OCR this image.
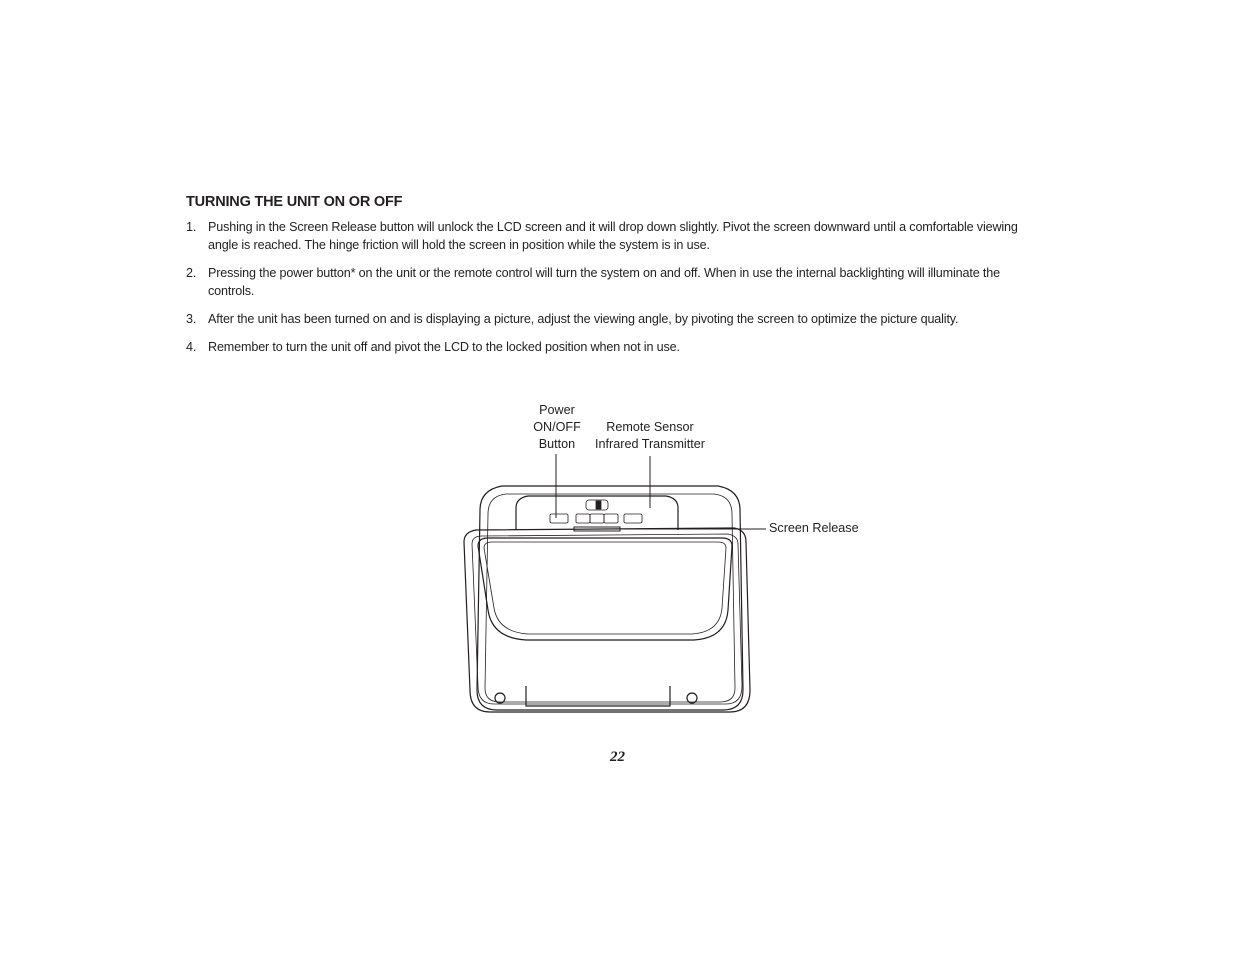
TURNING THE UNIT ON OR OFF
1. Pushing in the Screen Release button will unlock the LCD screen and it will drop down slightly. Pivot the screen downward until a comfortable viewing angle is reached. The hinge friction will hold the screen in position while the system is in use.
2. Pressing the power button* on the unit or the remote control will turn the system on and off. When in use the internal backlighting will illuminate the controls.
3. After the unit has been turned on and is displaying a picture, adjust the viewing angle, by pivoting the screen to optimize the picture quality.
4. Remember to turn the unit off and pivot the LCD to the locked position when not in use.
Power
ON/OFF
Button
Remote Sensor
Infrared Transmitter
Screen Release
22
